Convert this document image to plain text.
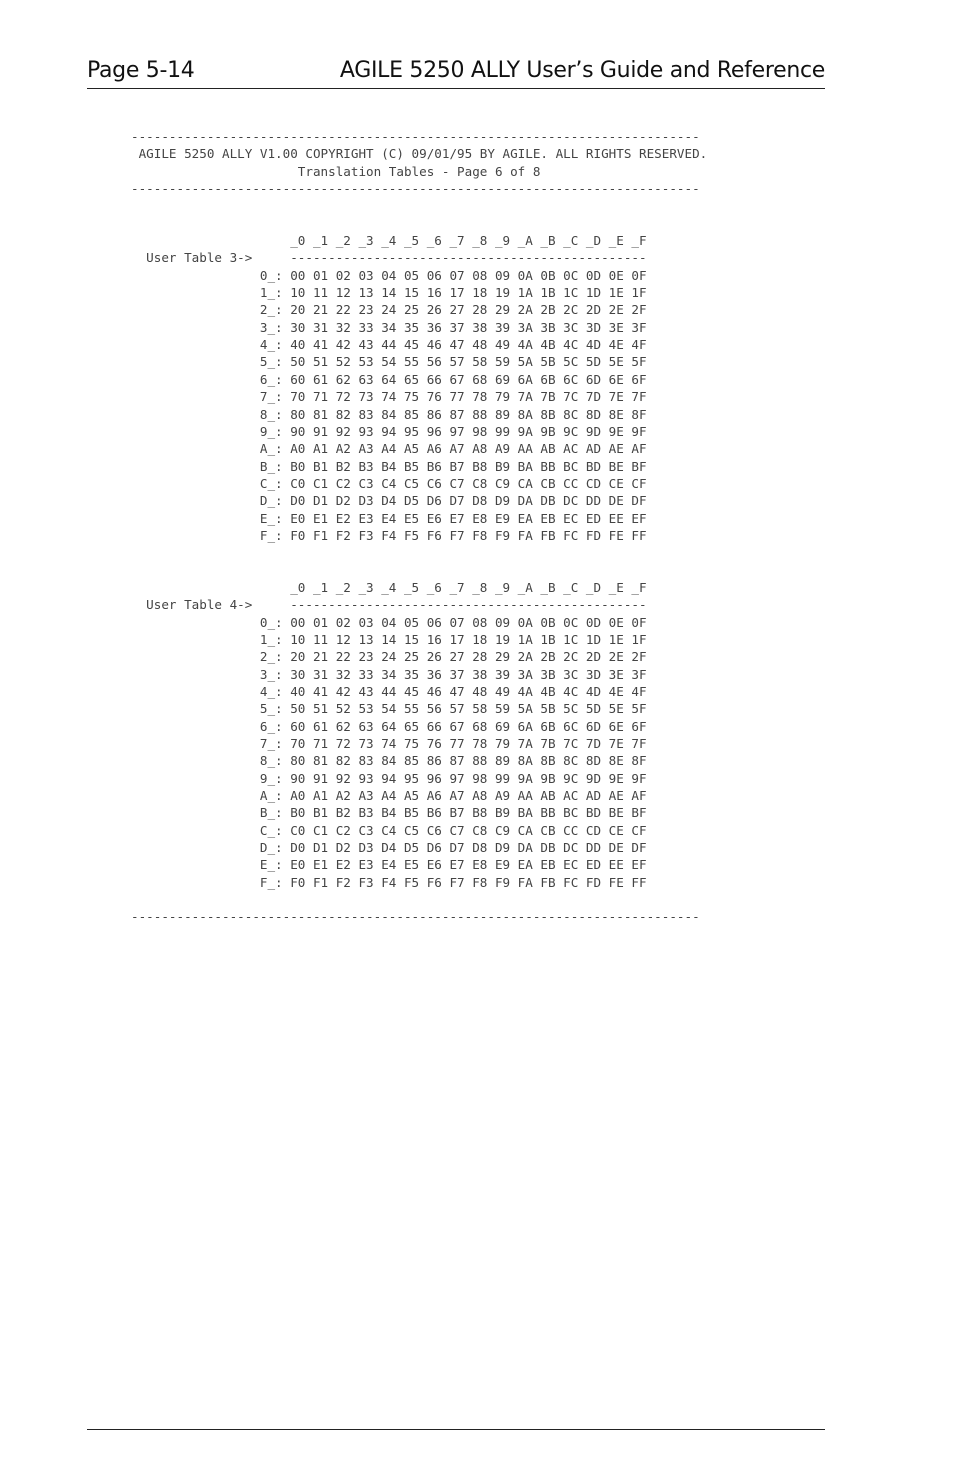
Page 5-14	AGILE 5250 ALLY User’s Guide and Reference
---------------------------------------------------------------------------
AGILE 5250 ALLY V1.00 COPYRIGHT (C) 09/01/95 BY AGILE. ALL RIGHTS RESERVED.
Translation Tables - Page 6 of 8
---------------------------------------------------------------------------
_0 _1 _2 _3 _4 _5 _6 _7 _8 _9 _A _B _C _D _E _F
User Table 3->     -----------------------------------------------
0_: 00 01 02 03 04 05 06 07 08 09 0A 0B 0C 0D 0E 0F
1_: 10 11 12 13 14 15 16 17 18 19 1A 1B 1C 1D 1E 1F
2_: 20 21 22 23 24 25 26 27 28 29 2A 2B 2C 2D 2E 2F
3_: 30 31 32 33 34 35 36 37 38 39 3A 3B 3C 3D 3E 3F
4_: 40 41 42 43 44 45 46 47 48 49 4A 4B 4C 4D 4E 4F
5_: 50 51 52 53 54 55 56 57 58 59 5A 5B 5C 5D 5E 5F
6_: 60 61 62 63 64 65 66 67 68 69 6A 6B 6C 6D 6E 6F
7_: 70 71 72 73 74 75 76 77 78 79 7A 7B 7C 7D 7E 7F
8_: 80 81 82 83 84 85 86 87 88 89 8A 8B 8C 8D 8E 8F
9_: 90 91 92 93 94 95 96 97 98 99 9A 9B 9C 9D 9E 9F
A_: A0 A1 A2 A3 A4 A5 A6 A7 A8 A9 AA AB AC AD AE AF
B_: B0 B1 B2 B3 B4 B5 B6 B7 B8 B9 BA BB BC BD BE BF
C_: C0 C1 C2 C3 C4 C5 C6 C7 C8 C9 CA CB CC CD CE CF
D_: D0 D1 D2 D3 D4 D5 D6 D7 D8 D9 DA DB DC DD DE DF
E_: E0 E1 E2 E3 E4 E5 E6 E7 E8 E9 EA EB EC ED EE EF
F_: F0 F1 F2 F3 F4 F5 F6 F7 F8 F9 FA FB FC FD FE FF
_0 _1 _2 _3 _4 _5 _6 _7 _8 _9 _A _B _C _D _E _F
User Table 4->     -----------------------------------------------
0_: 00 01 02 03 04 05 06 07 08 09 0A 0B 0C 0D 0E 0F
1_: 10 11 12 13 14 15 16 17 18 19 1A 1B 1C 1D 1E 1F
2_: 20 21 22 23 24 25 26 27 28 29 2A 2B 2C 2D 2E 2F
3_: 30 31 32 33 34 35 36 37 38 39 3A 3B 3C 3D 3E 3F
4_: 40 41 42 43 44 45 46 47 48 49 4A 4B 4C 4D 4E 4F
5_: 50 51 52 53 54 55 56 57 58 59 5A 5B 5C 5D 5E 5F
6_: 60 61 62 63 64 65 66 67 68 69 6A 6B 6C 6D 6E 6F
7_: 70 71 72 73 74 75 76 77 78 79 7A 7B 7C 7D 7E 7F
8_: 80 81 82 83 84 85 86 87 88 89 8A 8B 8C 8D 8E 8F
9_: 90 91 92 93 94 95 96 97 98 99 9A 9B 9C 9D 9E 9F
A_: A0 A1 A2 A3 A4 A5 A6 A7 A8 A9 AA AB AC AD AE AF
B_: B0 B1 B2 B3 B4 B5 B6 B7 B8 B9 BA BB BC BD BE BF
C_: C0 C1 C2 C3 C4 C5 C6 C7 C8 C9 CA CB CC CD CE CF
D_: D0 D1 D2 D3 D4 D5 D6 D7 D8 D9 DA DB DC DD DE DF
E_: E0 E1 E2 E3 E4 E5 E6 E7 E8 E9 EA EB EC ED EE EF
F_: F0 F1 F2 F3 F4 F5 F6 F7 F8 F9 FA FB FC FD FE FF
---------------------------------------------------------------------------
